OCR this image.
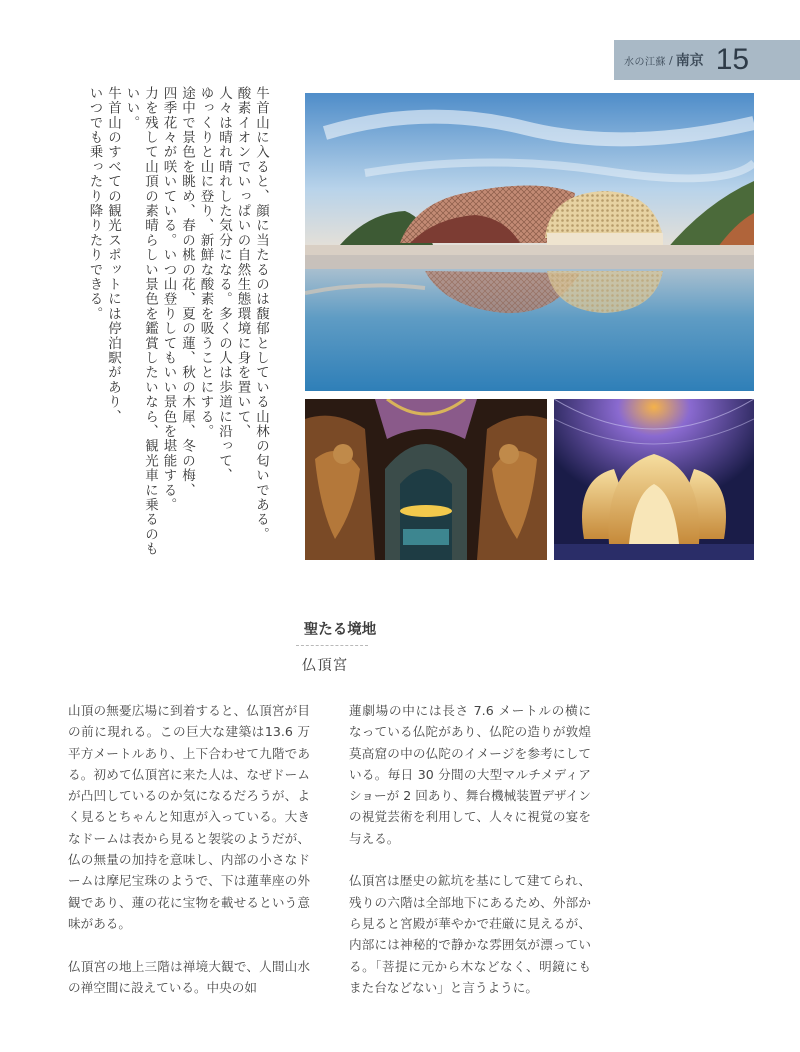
水の江蘇 / 南京 15

牛首山に入ると、顔に当たるのは馥郁としている山林の匂いである。

酸素イオンでいっぱいの自然生態環境に身を置いて、

人々は晴れ晴れした気分になる。多くの人は歩道に沿って、

ゆっくりと山に登り、新鮮な酸素を吸うことにする。

途中で景色を眺め、春の桃の花、夏の蓮、秋の木犀、冬の梅、

四季花々が咲いている。いつ山登りしてもいい景色を堪能する。

力を残して山頂の素晴らしい景色を鑑賞したいなら、観光車に乗るのもいい。

牛首山のすべての観光スポットには停泊駅があり、

いつでも乗ったり降りたりできる。

聖たる境地
仏頂宮

山頂の無憂広場に到着すると、仏頂宮が目の前に現れる。この巨大な建築は13.6 万平方メートルあり、上下合わせて九階である。初めて仏頂宮に来た人は、なぜドームが凸凹しているのか気になるだろうが、よく見るとちゃんと知恵が入っている。大きなドームは表から見ると袈裟のようだが、仏の無量の加持を意味し、内部の小さなドームは摩尼宝珠のようで、下は蓮華座の外観であり、蓮の花に宝物を載せるという意味がある。

仏頂宮の地上三階は禅境大観で、人間山水の禅空間に設えている。中央の如

蓮劇場の中には長さ 7.6 メートルの横になっている仏陀があり、仏陀の造りが敦煌莫高窟の中の仏陀のイメージを参考にしている。毎日 30 分間の大型マルチメディアショーが 2 回あり、舞台機械装置デザインの視覚芸術を利用して、人々に視覚の宴を与える。

仏頂宮は歴史の鉱坑を基にして建てられ、残りの六階は全部地下にあるため、外部から見ると宮殿が華やかで荘厳に見えるが、内部には神秘的で静かな雰囲気が漂っている。「菩提に元から木などなく、明鏡にもまた台などない」と言うように。
